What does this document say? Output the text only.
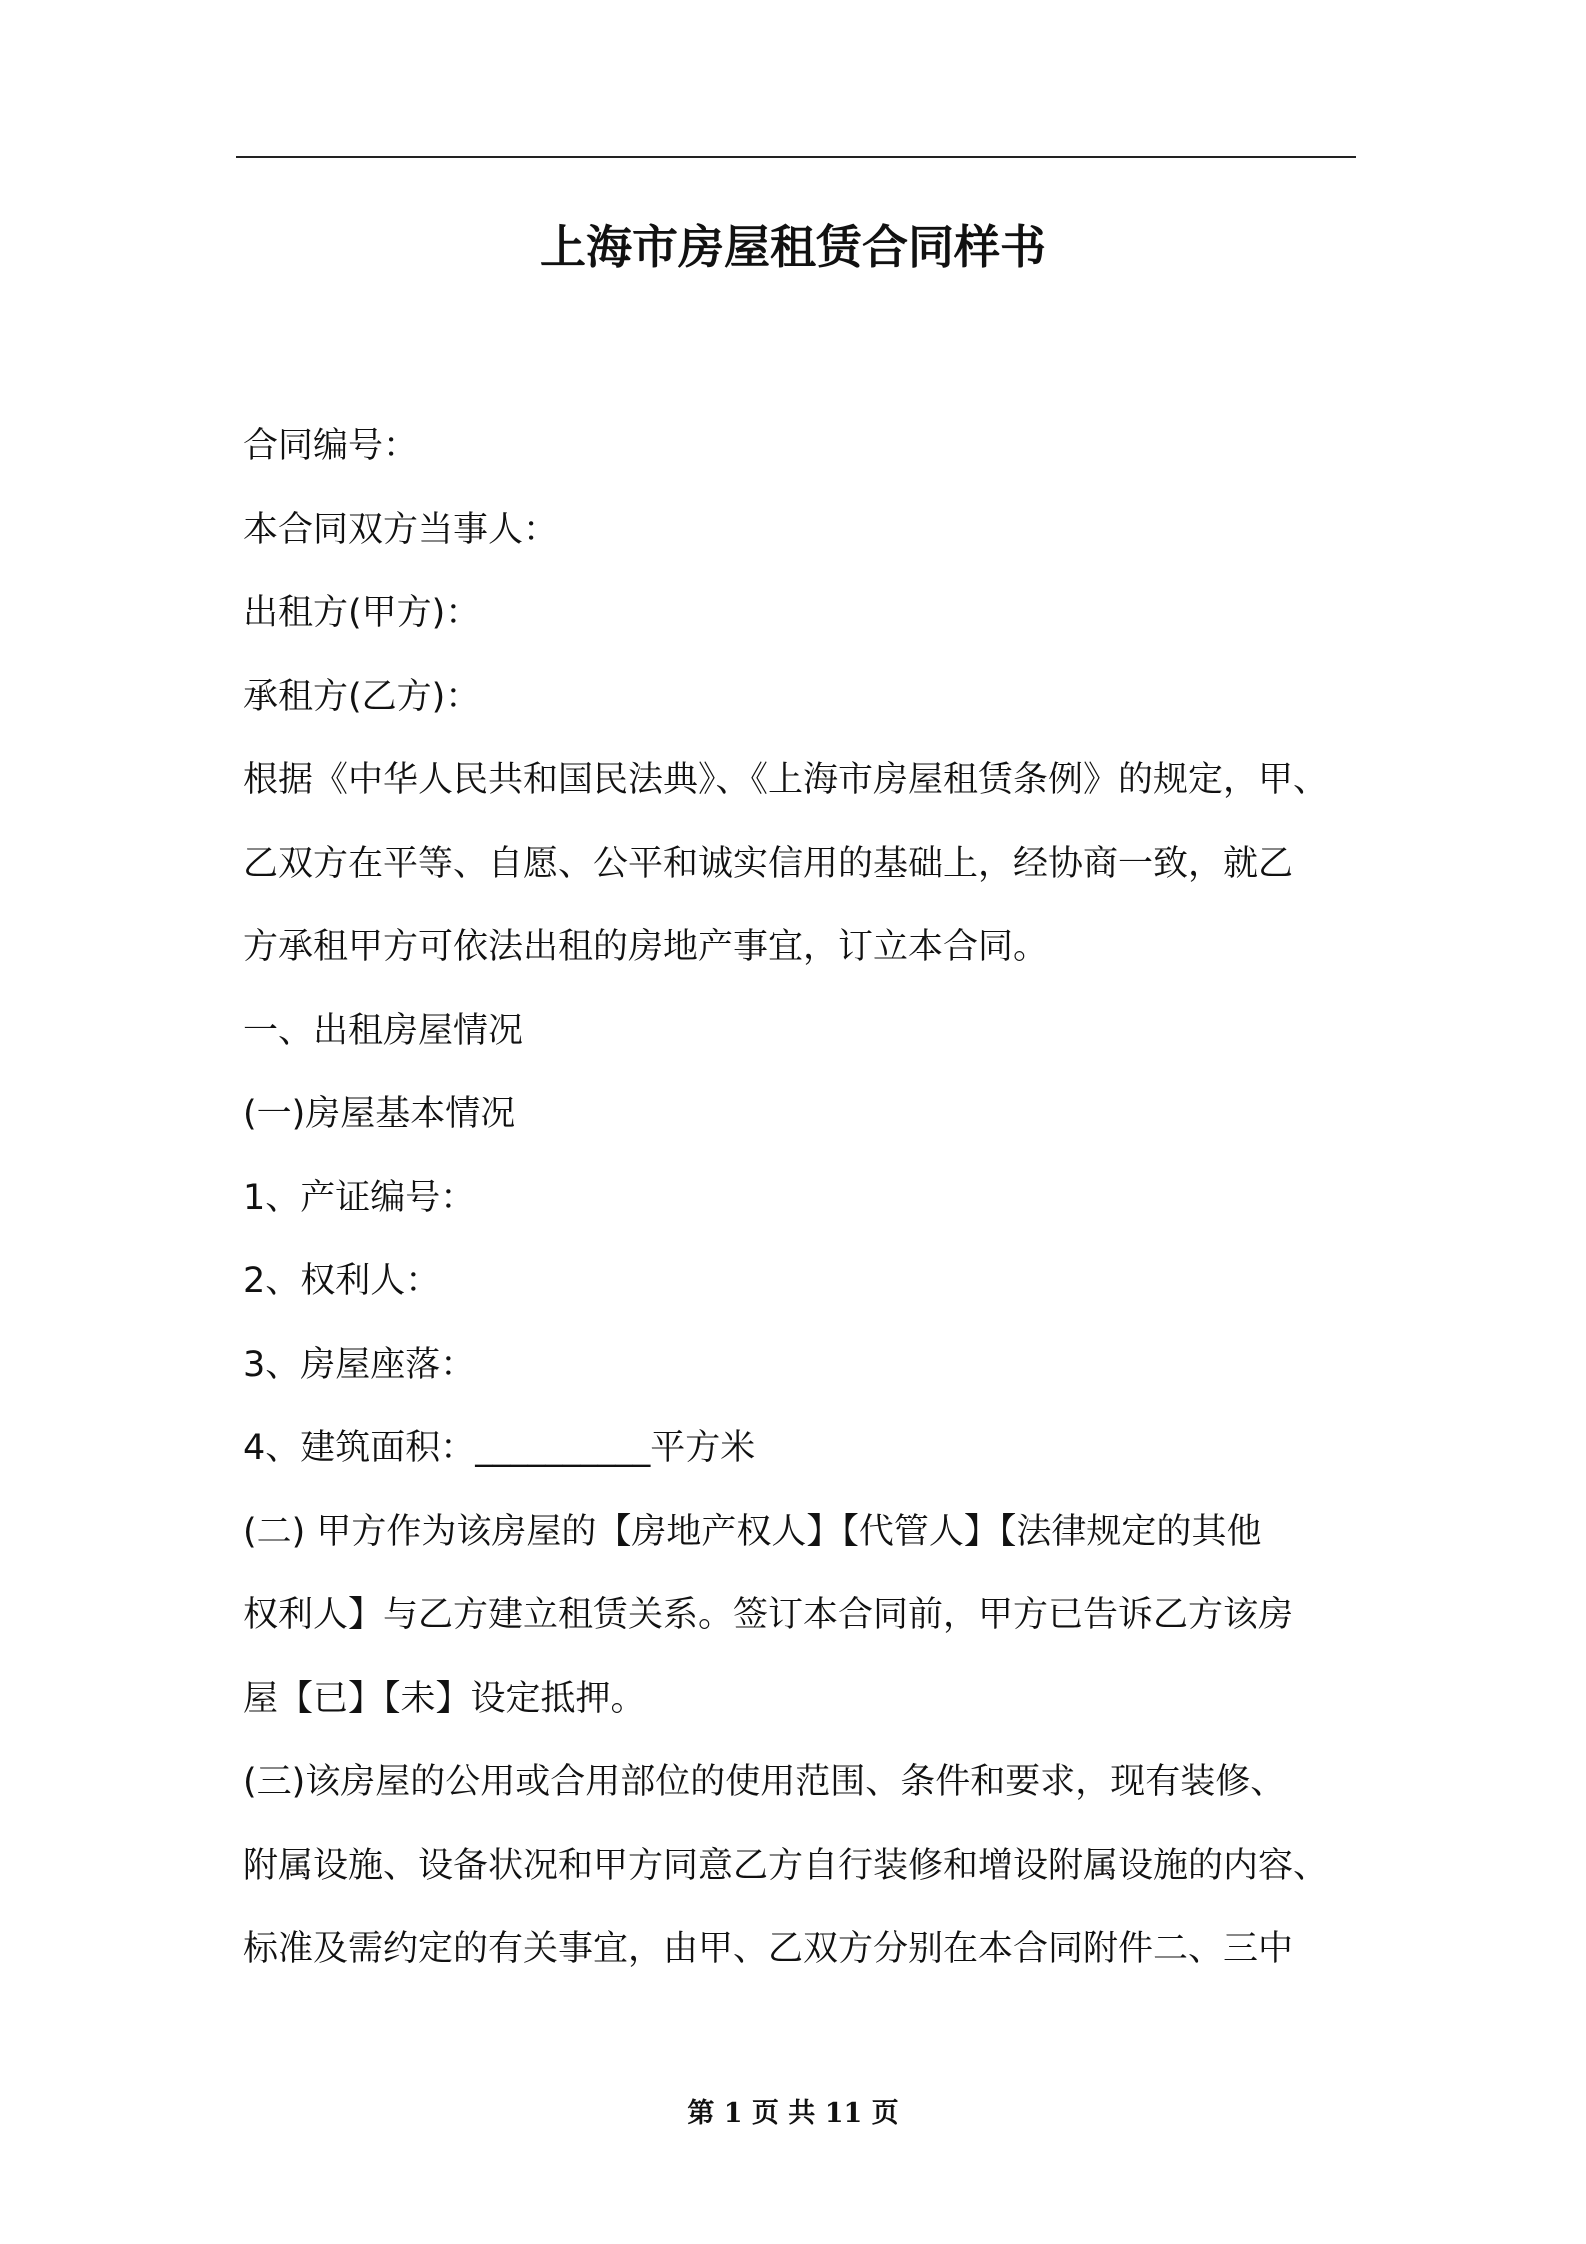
上海市房屋租赁合同样书
合同编号：
本合同双方当事人：
出租方(甲方)：
承租方(乙方)：
根据《中华人民共和国民法典》、《上海市房屋租赁条例》的规定，甲、
乙双方在平等、自愿、公平和诚实信用的基础上，经协商一致，就乙
方承租甲方可依法出租的房地产事宜，订立本合同。
一、出租房屋情况
(一)房屋基本情况
1、产证编号：
2、权利人：
3、房屋座落：
4、建筑面积：__________平方米
(二) 甲方作为该房屋的【房地产权人】【代管人】【法律规定的其他
权利人】与乙方建立租赁关系。签订本合同前，甲方已告诉乙方该房
屋【已】【未】设定抵押。
(三)该房屋的公用或合用部位的使用范围、条件和要求，现有装修、
附属设施、设备状况和甲方同意乙方自行装修和增设附属设施的内容、
标准及需约定的有关事宜，由甲、乙双方分别在本合同附件二、三中
第 1 页 共 11 页
